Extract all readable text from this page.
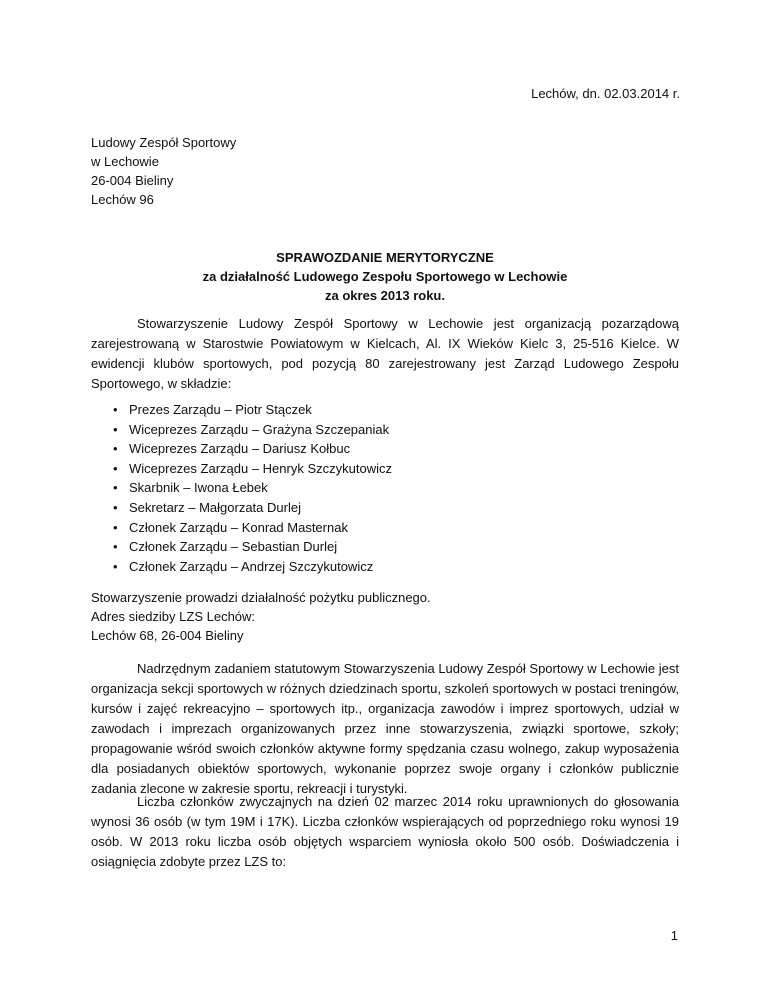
Lechów, dn. 02.03.2014 r.
Ludowy Zespół Sportowy
w Lechowie
26-004 Bieliny
Lechów 96
SPRAWOZDANIE MERYTORYCZNE
za działalność Ludowego Zespołu Sportowego w Lechowie
za okres 2013 roku.

Stowarzyszenie Ludowy Zespół Sportowy w Lechowie jest organizacją pozarządową zarejestrowaną w Starostwie Powiatowym w Kielcach, Al. IX Wieków Kielc 3, 25-516 Kielce. W ewidencji klubów sportowych, pod pozycją 80 zarejestrowany jest Zarząd Ludowego Zespołu Sportowego, w składzie:

• Prezes Zarządu – Piotr Stączek
• Wiceprezes Zarządu – Grażyna Szczepaniak
• Wiceprezes Zarządu – Dariusz Kołbuc
• Wiceprezes Zarządu – Henryk Szczykutowicz
• Skarbnik – Iwona Łebek
• Sekretarz – Małgorzata Durlej
• Członek Zarządu – Konrad Masternak
• Członek Zarządu – Sebastian Durlej
• Członek Zarządu – Andrzej Szczykutowicz
Stowarzyszenie prowadzi działalność pożytku publicznego.
Adres siedziby LZS Lechów:
Lechów 68, 26-004 Bieliny

Nadrzędnym zadaniem statutowym Stowarzyszenia Ludowy Zespół Sportowy w Lechowie jest organizacja sekcji sportowych w różnych dziedzinach sportu, szkoleń sportowych w postaci treningów, kursów i zajęć rekreacyjno – sportowych itp., organizacja zawodów i imprez sportowych, udział w zawodach i imprezach organizowanych przez inne stowarzyszenia, związki sportowe, szkoły; propagowanie wśród swoich członków aktywne formy spędzania czasu wolnego, zakup wyposażenia dla posiadanych obiektów sportowych, wykonanie poprzez swoje organy i członków publicznie zadania zlecone w zakresie sportu, rekreacji i turystyki.

Liczba członków zwyczajnych na dzień 02 marzec 2014 roku uprawnionych do głosowania wynosi 36 osób (w tym 19M i 17K). Liczba członków wspierających od poprzedniego roku wynosi 19 osób. W 2013 roku liczba osób objętych wsparciem wyniosła około 500 osób. Doświadczenia i osiągnięcia zdobyte przez LZS to:

1
